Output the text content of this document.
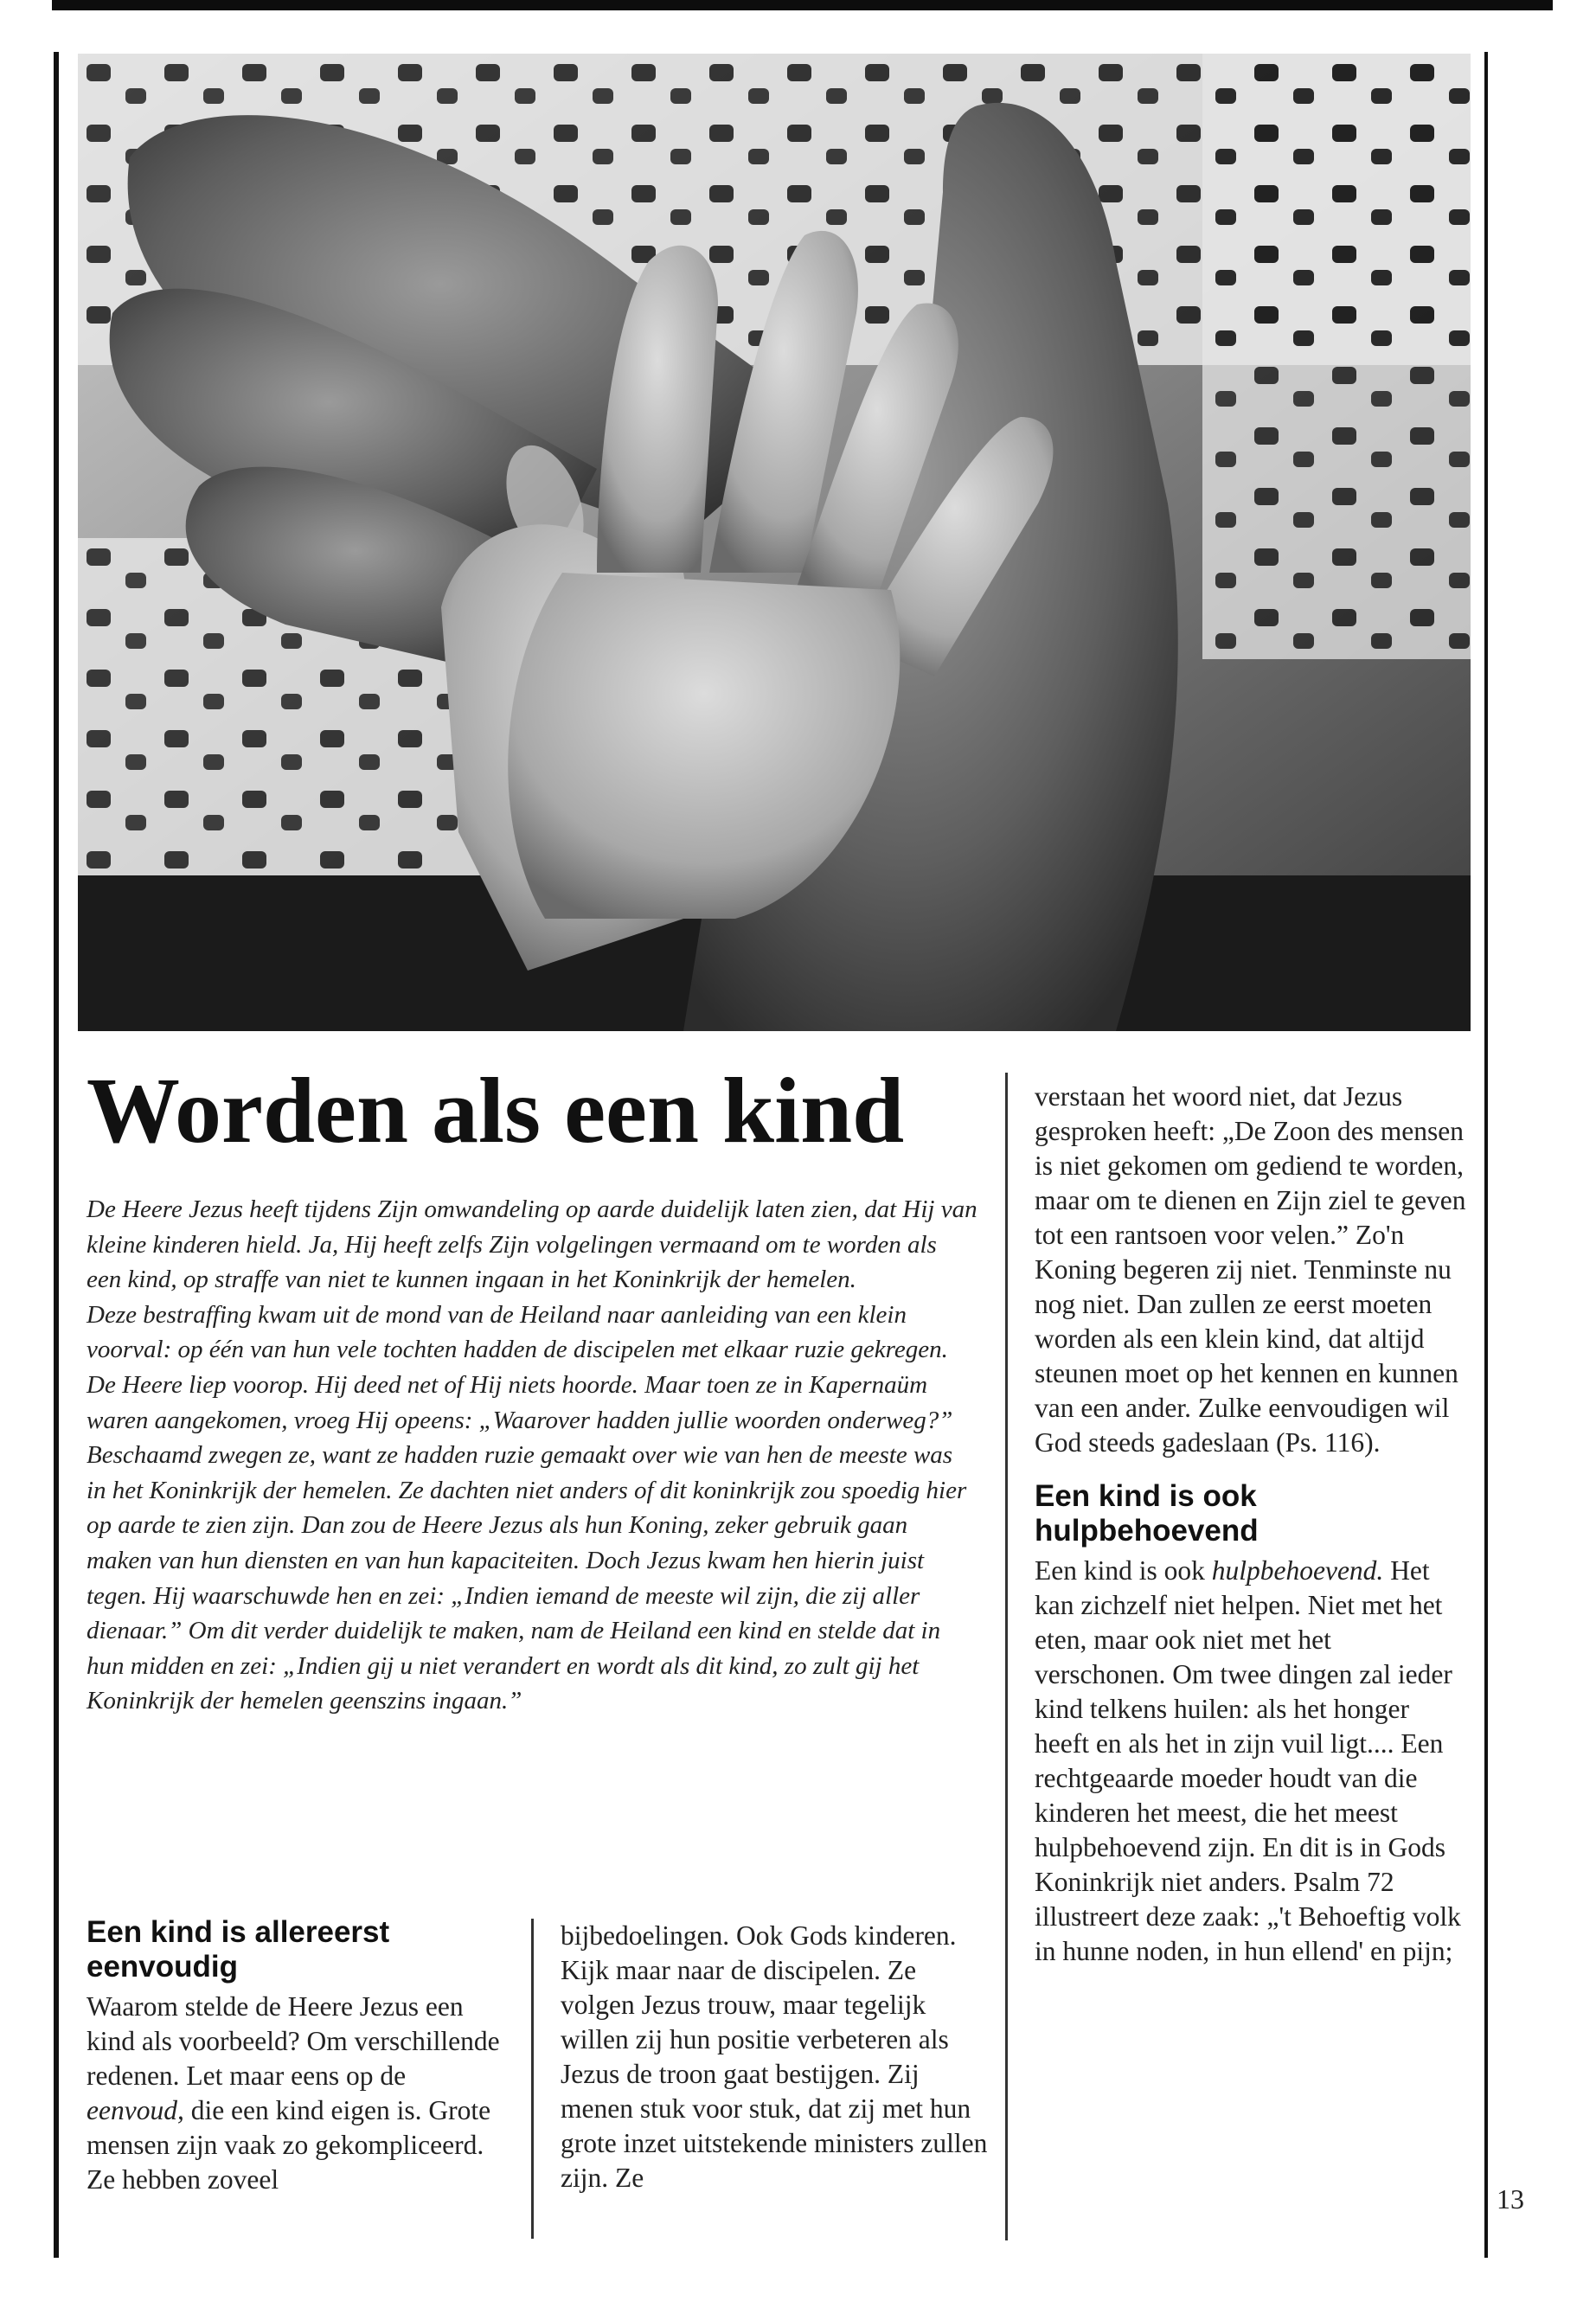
Worden als een kind

De Heere Jezus heeft tijdens Zijn omwandeling op aarde duidelijk laten zien, dat Hij van kleine kinderen hield. Ja, Hij heeft zelfs Zijn volgelingen vermaand om te worden als een kind, op straffe van niet te kunnen ingaan in het Koninkrijk der hemelen.

Deze bestraffing kwam uit de mond van de Heiland naar aanleiding van een klein voorval: op één van hun vele tochten hadden de discipelen met elkaar ruzie gekregen. De Heere liep voorop. Hij deed net of Hij niets hoorde. Maar toen ze in Kapernaüm waren aangekomen, vroeg Hij opeens: „Waarover hadden jullie woorden onderweg?” Beschaamd zwegen ze, want ze hadden ruzie gemaakt over wie van hen de meeste was in het Koninkrijk der hemelen. Ze dachten niet anders of dit koninkrijk zou spoedig hier op aarde te zien zijn. Dan zou de Heere Jezus als hun Koning, zeker gebruik gaan maken van hun diensten en van hun kapaciteiten. Doch Jezus kwam hen hierin juist tegen. Hij waarschuwde hen en zei: „Indien iemand de meeste wil zijn, die zij aller dienaar.” Om dit verder duidelijk te maken, nam de Heiland een kind en stelde dat in hun midden en zei: „Indien gij u niet verandert en wordt als dit kind, zo zult gij het Koninkrijk der hemelen geenszins ingaan.”

Een kind is allereerst eenvoudig

Waarom stelde de Heere Jezus een kind als voorbeeld? Om verschillende redenen. Let maar eens op de eenvoud, die een kind eigen is. Grote mensen zijn vaak zo gekompliceerd. Ze hebben zoveel

bijbedoelingen. Ook Gods kinderen. Kijk maar naar de discipelen. Ze volgen Jezus trouw, maar tegelijk willen zij hun positie verbeteren als Jezus de troon gaat bestijgen. Zij menen stuk voor stuk, dat zij met hun grote inzet uitstekende ministers zullen zijn. Ze

verstaan het woord niet, dat Jezus gesproken heeft: „De Zoon des mensen is niet gekomen om gediend te worden, maar om te dienen en Zijn ziel te geven tot een rantsoen voor velen.” Zo'n Koning begeren zij niet. Tenminste nu nog niet. Dan zullen ze eerst moeten worden als een klein kind, dat altijd steunen moet op het kennen en kunnen van een ander. Zulke eenvoudigen wil God steeds gadeslaan (Ps. 116).

Een kind is ook hulpbehoevend

Een kind is ook hulpbehoevend. Het kan zichzelf niet helpen. Niet met het eten, maar ook niet met het verschonen. Om twee dingen zal ieder kind telkens huilen: als het honger heeft en als het in zijn vuil ligt.... Een rechtgeaarde moeder houdt van die kinderen het meest, die het meest hulpbehoevend zijn. En dit is in Gods Koninkrijk niet anders. Psalm 72 illustreert deze zaak: „'t Behoeftig volk in hunne noden, in hun ellend' en pijn;

13
